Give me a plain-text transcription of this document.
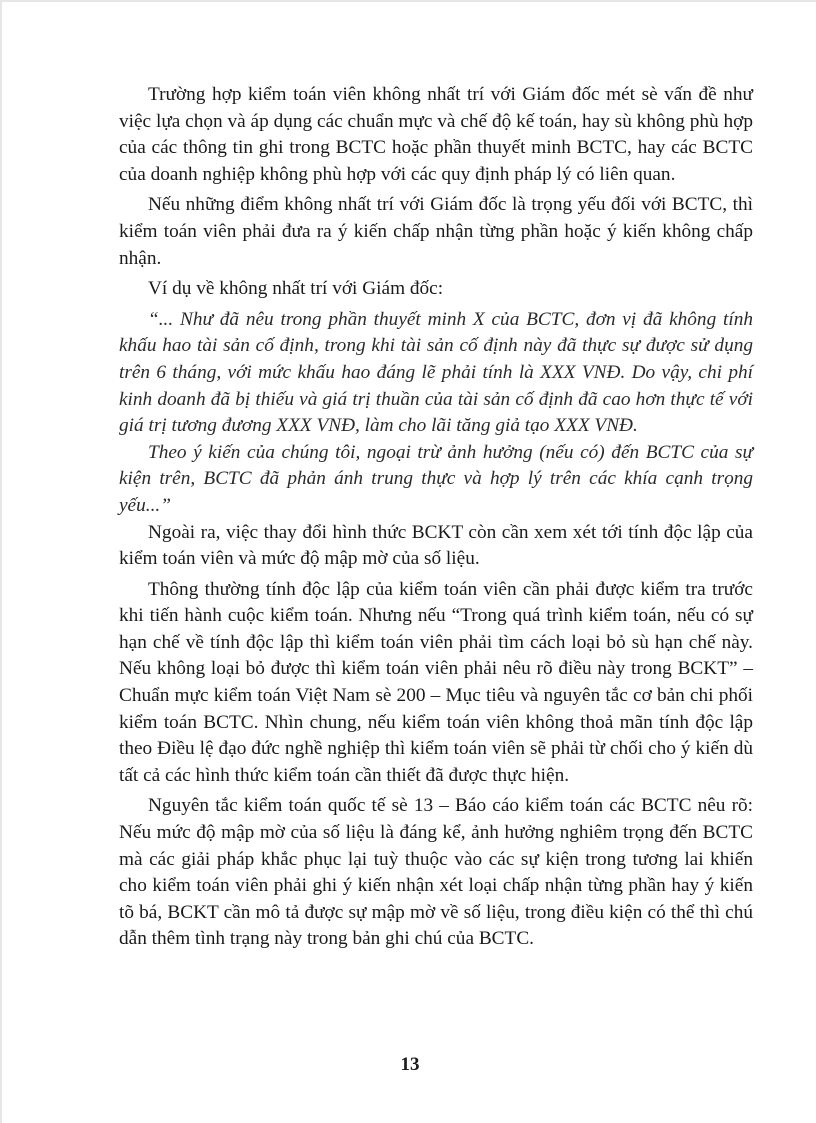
Trường hợp kiểm toán viên không nhất trí với Giám đốc mét sè vấn đề như việc lựa chọn và áp dụng các chuẩn mực và chế độ kế toán, hay sù không phù hợp của các thông tin ghi trong BCTC hoặc phần thuyết minh BCTC, hay các BCTC của doanh nghiệp không phù hợp với các quy định pháp lý có liên quan.

Nếu những điểm không nhất trí với Giám đốc là trọng yếu đối với BCTC, thì kiểm toán viên phải đưa ra ý kiến chấp nhận từng phần hoặc ý kiến không chấp nhận.

Ví dụ về không nhất trí với Giám đốc:

“... Như đã nêu trong phần thuyết minh X của BCTC, đơn vị đã không tính khấu hao tài sản cố định, trong khi tài sản cố định này đã thực sự được sử dụng trên 6 tháng, với mức khấu hao đáng lẽ phải tính là XXX VNĐ. Do vậy, chi phí kinh doanh đã bị thiếu và giá trị thuần của tài sản cố định đã cao hơn thực tế với giá trị tương đương XXX VNĐ, làm cho lãi tăng giả tạo XXX VNĐ.

Theo ý kiến của chúng tôi, ngoại trừ ảnh hưởng (nếu có) đến BCTC của sự kiện trên, BCTC đã phản ánh trung thực và hợp lý trên các khía cạnh trọng yếu...”

Ngoài ra, việc thay đổi hình thức BCKT còn cần xem xét tới tính độc lập của kiểm toán viên và mức độ mập mờ của số liệu.

Thông thường tính độc lập của kiểm toán viên cần phải được kiểm tra trước khi tiến hành cuộc kiểm toán. Nhưng nếu “Trong quá trình kiểm toán, nếu có sự hạn chế về tính độc lập thì kiểm toán viên phải tìm cách loại bỏ sù hạn chế này. Nếu không loại bỏ được thì kiểm toán viên phải nêu rõ điều này trong BCKT” – Chuẩn mực kiểm toán Việt Nam sè 200 – Mục tiêu và nguyên tắc cơ bản chi phối kiểm toán BCTC. Nhìn chung, nếu kiểm toán viên không thoả mãn tính độc lập theo Điều lệ đạo đức nghề nghiệp thì kiểm toán viên sẽ phải từ chối cho ý kiến dù tất cả các hình thức kiểm toán cần thiết đã được thực hiện.

Nguyên tắc kiểm toán quốc tế sè 13 – Báo cáo kiểm toán các BCTC nêu rõ: Nếu mức độ mập mờ của số liệu là đáng kể, ảnh hưởng nghiêm trọng đến BCTC mà các giải pháp khắc phục lại tuỳ thuộc vào các sự kiện trong tương lai khiến cho kiểm toán viên phải ghi ý kiến nhận xét loại chấp nhận từng phần hay ý kiến tõ bá, BCKT cần mô tả được sự mập mờ về số liệu, trong điều kiện có thể thì chú dẫn thêm tình trạng này trong bản ghi chú của BCTC.

13
